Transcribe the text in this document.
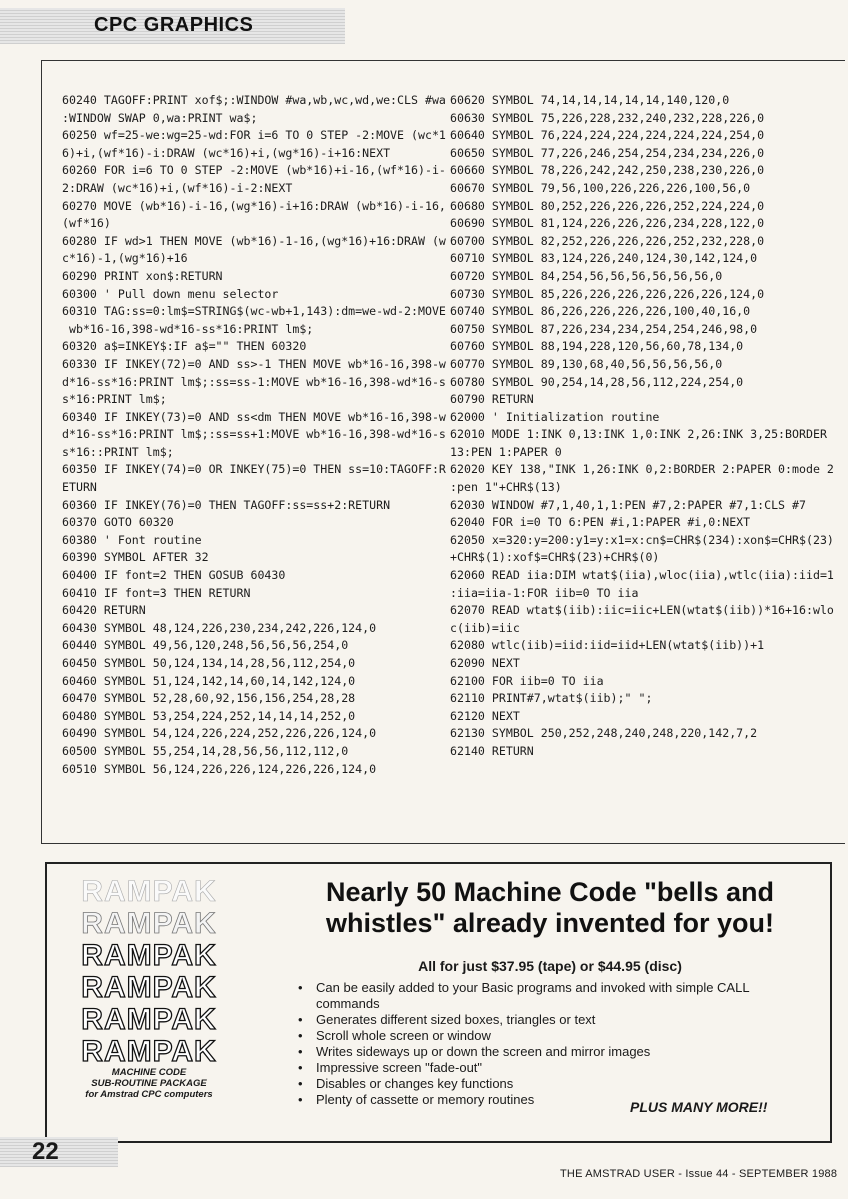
CPC GRAPHICS
60240 TAGOFF:PRINT xof$;:WINDOW #wa,wb,wc,wd,we:CLS #wa
:WINDOW SWAP 0,wa:PRINT wa$;
60250 wf=25-we:wg=25-wd:FOR i=6 TO 0 STEP -2:MOVE (wc*1
6)+i,(wf*16)-i:DRAW (wc*16)+i,(wg*16)-i+16:NEXT
60260 FOR i=6 TO 0 STEP -2:MOVE (wb*16)+i-16,(wf*16)-i-
2:DRAW (wc*16)+i,(wf*16)-i-2:NEXT
60270 MOVE (wb*16)-i-16,(wg*16)-i+16:DRAW (wb*16)-i-16,
(wf*16)
60280 IF wd>1 THEN MOVE (wb*16)-1-16,(wg*16)+16:DRAW (w
c*16)-1,(wg*16)+16
60290 PRINT xon$:RETURN
60300 ' Pull down menu selector
60310 TAG:ss=0:lm$=STRING$(wc-wb+1,143):dm=we-wd-2:MOVE
wb*16-16,398-wd*16-ss*16:PRINT lm$;
60320 a$=INKEY$:IF a$="" THEN 60320
60330 IF INKEY(72)=0 AND ss>-1 THEN MOVE wb*16-16,398-w
d*16-ss*16:PRINT lm$;:ss=ss-1:MOVE wb*16-16,398-wd*16-s
s*16:PRINT lm$;
60340 IF INKEY(73)=0 AND ss<dm THEN MOVE wb*16-16,398-w
d*16-ss*16:PRINT lm$;:ss=ss+1:MOVE wb*16-16,398-wd*16-s
s*16::PRINT lm$;
60350 IF INKEY(74)=0 OR INKEY(75)=0 THEN ss=10:TAGOFF:R
ETURN
60360 IF INKEY(76)=0 THEN TAGOFF:ss=ss+2:RETURN
60370 GOTO 60320
60380 ' Font routine
60390 SYMBOL AFTER 32
60400 IF font=2 THEN GOSUB 60430
60410 IF font=3 THEN RETURN
60420 RETURN
60430 SYMBOL 48,124,226,230,234,242,226,124,0
60440 SYMBOL 49,56,120,248,56,56,56,254,0
60450 SYMBOL 50,124,134,14,28,56,112,254,0
60460 SYMBOL 51,124,142,14,60,14,142,124,0
60470 SYMBOL 52,28,60,92,156,156,254,28,28
60480 SYMBOL 53,254,224,252,14,14,14,252,0
60490 SYMBOL 54,124,226,224,252,226,226,124,0
60500 SYMBOL 55,254,14,28,56,56,112,112,0
60510 SYMBOL 56,124,226,226,124,226,226,124,0
60620 SYMBOL 74,14,14,14,14,14,140,120,0
60630 SYMBOL 75,226,228,232,240,232,228,226,0
60640 SYMBOL 76,224,224,224,224,224,224,254,0
60650 SYMBOL 77,226,246,254,254,234,234,226,0
60660 SYMBOL 78,226,242,242,250,238,230,226,0
60670 SYMBOL 79,56,100,226,226,226,100,56,0
60680 SYMBOL 80,252,226,226,226,252,224,224,0
60690 SYMBOL 81,124,226,226,226,234,228,122,0
60700 SYMBOL 82,252,226,226,226,252,232,228,0
60710 SYMBOL 83,124,226,240,124,30,142,124,0
60720 SYMBOL 84,254,56,56,56,56,56,56,0
60730 SYMBOL 85,226,226,226,226,226,226,124,0
60740 SYMBOL 86,226,226,226,226,100,40,16,0
60750 SYMBOL 87,226,234,234,254,254,246,98,0
60760 SYMBOL 88,194,228,120,56,60,78,134,0
60770 SYMBOL 89,130,68,40,56,56,56,56,0
60780 SYMBOL 90,254,14,28,56,112,224,254,0
60790 RETURN
62000 ' Initialization routine
62010 MODE 1:INK 0,13:INK 1,0:INK 2,26:INK 3,25:BORDER
13:PEN 1:PAPER 0
62020 KEY 138,"INK 1,26:INK 0,2:BORDER 2:PAPER 0:mode 2
:pen 1"+CHR$(13)
62030 WINDOW #7,1,40,1,1:PEN #7,2:PAPER #7,1:CLS #7
62040 FOR i=0 TO 6:PEN #i,1:PAPER #i,0:NEXT
62050 x=320:y=200:y1=y:x1=x:cn$=CHR$(234):xon$=CHR$(23)
+CHR$(1):xof$=CHR$(23)+CHR$(0)
62060 READ iia:DIM wtat$(iia),wloc(iia),wtlc(iia):iid=1
:iia=iia-1:FOR iib=0 TO iia
62070 READ wtat$(iib):iic=iic+LEN(wtat$(iib))*16+16:wlo
c(iib)=iic
62080 wtlc(iib)=iid:iid=iid+LEN(wtat$(iib))+1
62090 NEXT
62100 FOR iib=0 TO iia
62110 PRINT#7,wtat$(iib);" ";
62120 NEXT
62130 SYMBOL 250,252,248,240,248,220,142,7,2
62140 RETURN
RAMPAK
RAMPAK
RAMPAK
RAMPAK
RAMPAK
RAMPAK
MACHINE CODE
SUB-ROUTINE PACKAGE
for Amstrad CPC computers
Nearly 50 Machine Code "bells and whistles" already invented for you!
All for just $37.95 (tape) or $44.95 (disc)
• Can be easily added to your Basic programs and invoked with simple CALL commands
• Generates different sized boxes, triangles or text
• Scroll whole screen or window
• Writes sideways up or down the screen and mirror images
• Impressive screen "fade-out"
• Disables or changes key functions
• Plenty of cassette or memory routines	PLUS MANY MORE!!
22
THE AMSTRAD USER - Issue 44 - SEPTEMBER 1988
